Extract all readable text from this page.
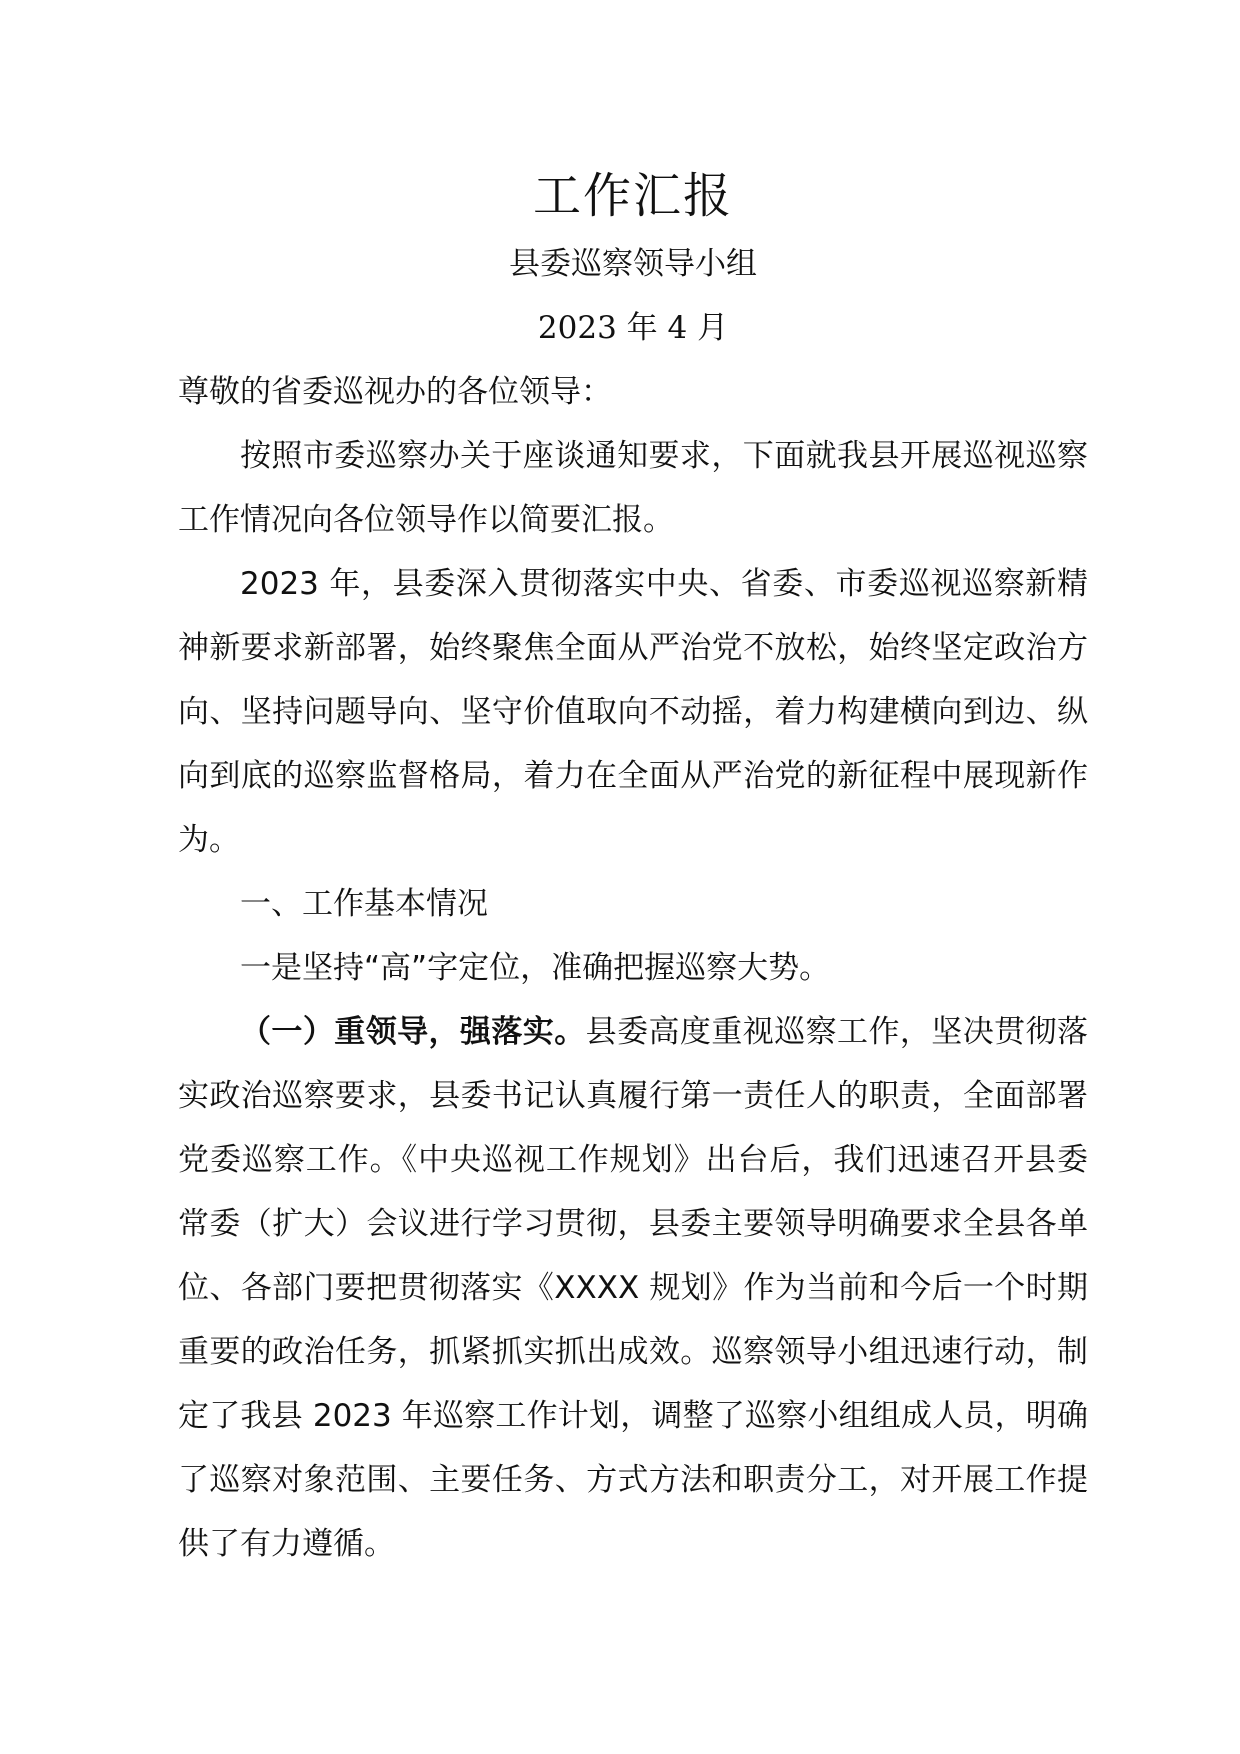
工作汇报

县委巡察领导小组

2023 年 4 月

尊敬的省委巡视办的各位领导：

按照市委巡察办关于座谈通知要求，下面就我县开展巡视巡察工作情况向各位领导作以简要汇报。

2023 年，县委深入贯彻落实中央、省委、市委巡视巡察新精神新要求新部署，始终聚焦全面从严治党不放松，始终坚定政治方向、坚持问题导向、坚守价值取向不动摇，着力构建横向到边、纵向到底的巡察监督格局，着力在全面从严治党的新征程中展现新作为。

一、工作基本情况

一是坚持“高”字定位，准确把握巡察大势。

（一）重领导，强落实。县委高度重视巡察工作，坚决贯彻落实政治巡察要求，县委书记认真履行第一责任人的职责，全面部署党委巡察工作。《中央巡视工作规划》出台后，我们迅速召开县委常委（扩大）会议进行学习贯彻，县委主要领导明确要求全县各单位、各部门要把贯彻落实《XXXX 规划》作为当前和今后一个时期重要的政治任务，抓紧抓实抓出成效。巡察领导小组迅速行动，制定了我县 2023 年巡察工作计划，调整了巡察小组组成人员，明确了巡察对象范围、主要任务、方式方法和职责分工，对开展工作提供了有力遵循。
